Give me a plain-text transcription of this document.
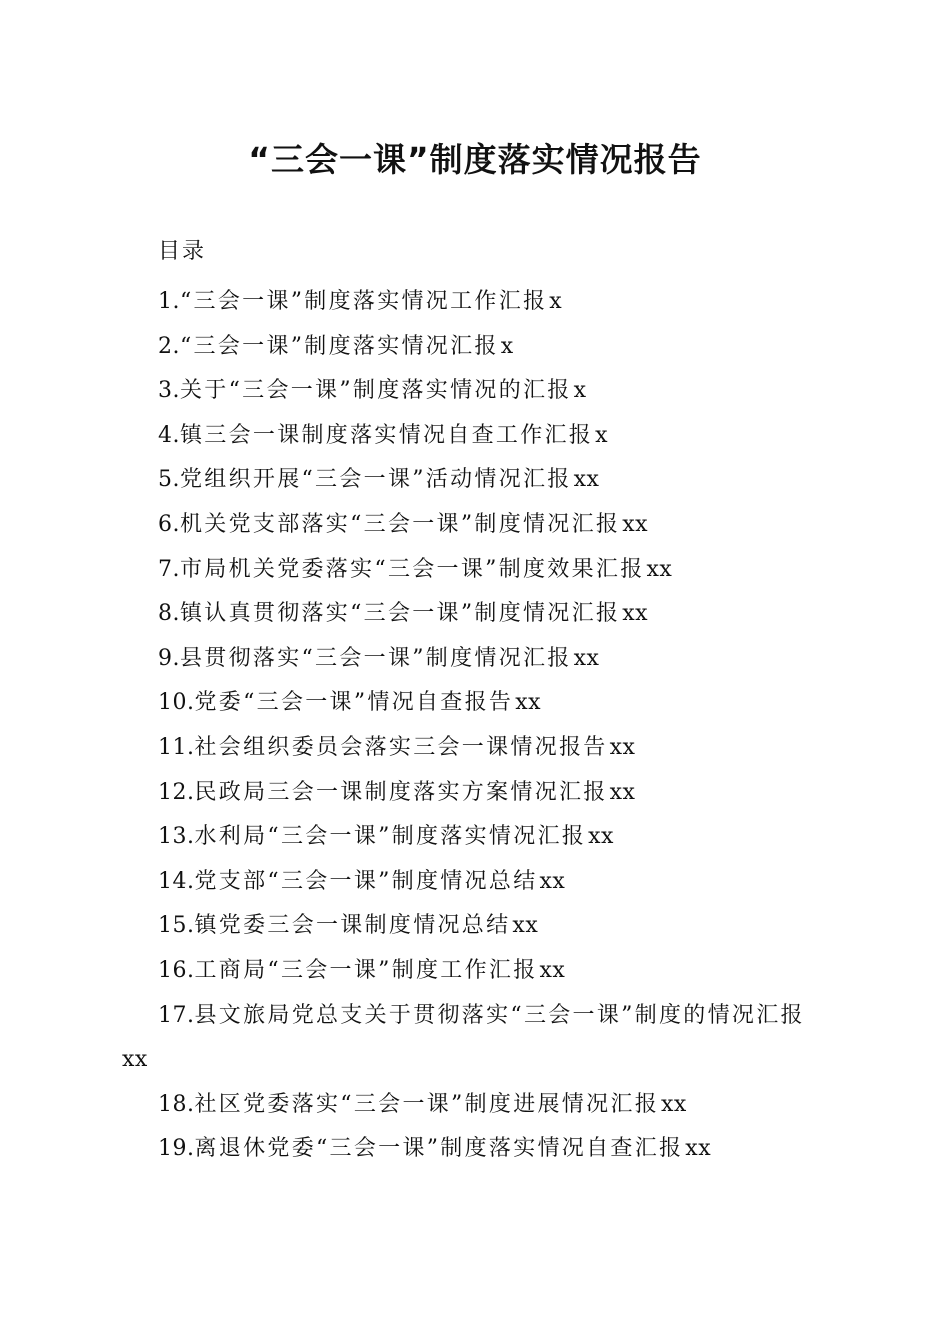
“三会一课”制度落实情况报告
目录
1.“三会一课”制度落实情况工作汇报x
2.“三会一课”制度落实情况汇报x
3.关于“三会一课”制度落实情况的汇报x
4.镇三会一课制度落实情况自查工作汇报x
5.党组织开展“三会一课”活动情况汇报xx
6.机关党支部落实“三会一课”制度情况汇报xx
7.市局机关党委落实“三会一课”制度效果汇报xx
8.镇认真贯彻落实“三会一课”制度情况汇报xx
9.县贯彻落实“三会一课”制度情况汇报xx
10.党委“三会一课”情况自查报告xx
11.社会组织委员会落实三会一课情况报告xx
12.民政局三会一课制度落实方案情况汇报xx
13.水利局“三会一课”制度落实情况汇报xx
14.党支部“三会一课”制度情况总结xx
15.镇党委三会一课制度情况总结xx
16.工商局“三会一课”制度工作汇报xx
17.县文旅局党总支关于贯彻落实“三会一课”制度的情况汇报xx
18.社区党委落实“三会一课”制度进展情况汇报xx
19.离退休党委“三会一课”制度落实情况自查汇报xx
